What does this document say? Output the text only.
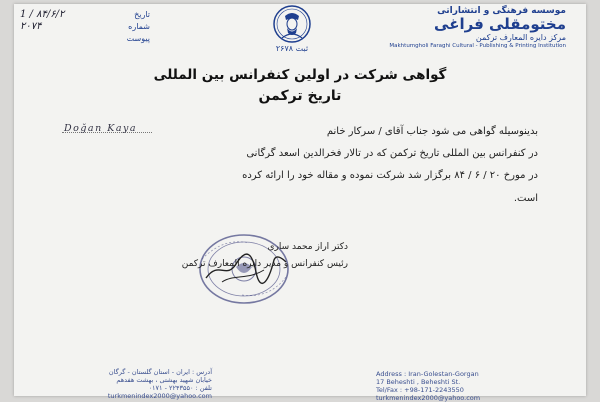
موسسه فرهنگی و انتشاراتی
مختومقلی فراغی
مرکز دایره المعارف ترکمن
Makhtumgholi Faraghi Cultural - Publishing & Printing Institution
ثبت ۲۶۷۸
تاریخ
1 / ۸۴/۶/۲
شماره
۲۰۷۴
پیوست
گواهی شرکت در اولین کنفرانس بین المللی
تاریخ ترکمن
بدینوسیله گواهی می شود جناب آقای / سرکار خانم
Doğan Kaya
در کنفرانس بین المللی تاریخ ترکمن که در تالار فخرالدین اسعد گرگانی
در مورخ ۲۰ / ۶ / ۸۴ برگزار شد شرکت نموده و مقاله خود را ارائه کرده
است.
دکتر اراز محمد ساری
رئیس کنفرانس و مدیر دایره المعارف ترکمن
آدرس : ایران - استان گلستان - گرگان
خیابان شهید بهشتی ، بهشت هفدهم
تلفن : ۲۲۴۳۵۵۰ - ۰۱۷۱
turkmenindex2000@yahoo.com
Address : Iran-Golestan-Gorgan
17 Beheshti , Beheshti St.
Tel/Fax : +98-171-2243550
turkmenindex2000@yahoo.com
